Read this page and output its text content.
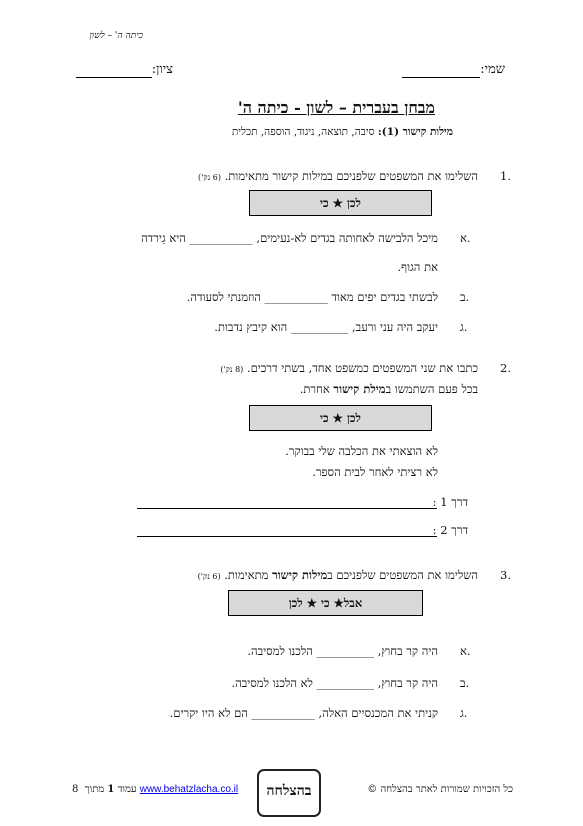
כיתה ה' – לשון
שמי:
ציון:
מבחן בעברית – לשון - כיתה ה'
מילות קישור (1): סיבה, תוצאה, ניגוד, הוספה, תכלית
1.
השלימו את המשפטים שלפניכם במילות קישור מתאימות. (6 נק')
לכן ★ כי
א.
מיכל הלבישה לאחותה בגדים לא-נעימים, ___________ היא גֵירדה
את הגוף.
ב.
לבשתי בגדים יפים מאוד ___________ הוזמנתי לסעודה.
ג.
יעקב היה עני ורעב, __________ הוא קיבץ נדבות.
2.
כתבו את שני המשפטים כמשפט אחד, בשתי דרכים. (8 נק')
בכל פעם השתמשו במילת קישור אחרת.
לכן ★ כי
לא הוצאתי את הכלבה שלי בבוקר.
לא רציתי לאחר לבית הספר.
דרך 1 :
דרך 2 :
3.
השלימו את המשפטים שלפניכם במילות קישור מתאימות. (6 נק')
אבל★ כי ★ לכן
א.
היה קר בחוץ, __________ הלכנו למסיבה.
ב.
היה קר בחוץ, __________ לא הלכנו למסיבה.
ג.
קניתי את המכנסיים האלה, ___________ הם לא היו יקרים.
כל הזכויות שמורות לאתר בהצלחה ©
בהצלחה
8	עמוד 1 מתוך	www.behatzlacha.co.il
